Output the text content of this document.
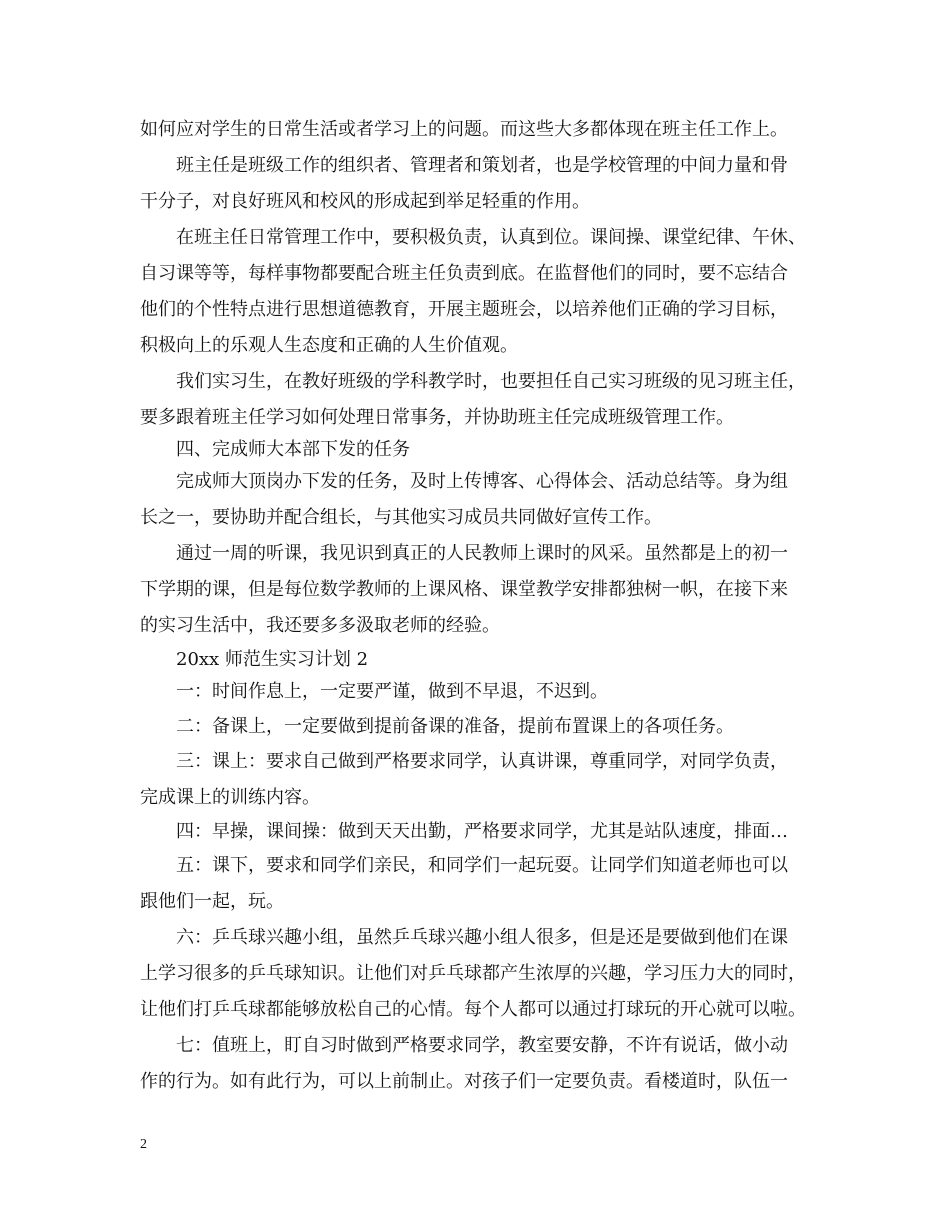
如何应对学生的日常生活或者学习上的问题。而这些大多都体现在班主任工作上。
班主任是班级工作的组织者、管理者和策划者，也是学校管理的中间力量和骨
干分子，对良好班风和校风的形成起到举足轻重的作用。
在班主任日常管理工作中，要积极负责，认真到位。课间操、课堂纪律、午休、
自习课等等，每样事物都要配合班主任负责到底。在监督他们的同时，要不忘结合
他们的个性特点进行思想道德教育，开展主题班会，以培养他们正确的学习目标，
积极向上的乐观人生态度和正确的人生价值观。
我们实习生，在教好班级的学科教学时，也要担任自己实习班级的见习班主任，
要多跟着班主任学习如何处理日常事务，并协助班主任完成班级管理工作。
四、完成师大本部下发的任务
完成师大顶岗办下发的任务，及时上传博客、心得体会、活动总结等。身为组
长之一，要协助并配合组长，与其他实习成员共同做好宣传工作。
通过一周的听课，我见识到真正的人民教师上课时的风采。虽然都是上的初一
下学期的课，但是每位数学教师的上课风格、课堂教学安排都独树一帜，在接下来
的实习生活中，我还要多多汲取老师的经验。
20xx 师范生实习计划 2
一：时间作息上，一定要严谨，做到不早退，不迟到。
二：备课上，一定要做到提前备课的准备，提前布置课上的各项任务。
三：课上：要求自己做到严格要求同学，认真讲课，尊重同学，对同学负责，
完成课上的训练内容。
四：早操，课间操：做到天天出勤，严格要求同学，尤其是站队速度，排面…
五：课下，要求和同学们亲民，和同学们一起玩耍。让同学们知道老师也可以
跟他们一起，玩。
六：乒乓球兴趣小组，虽然乒乓球兴趣小组人很多，但是还是要做到他们在课
上学习很多的乒乓球知识。让他们对乒乓球都产生浓厚的兴趣，学习压力大的同时，
让他们打乒乓球都能够放松自己的心情。每个人都可以通过打球玩的开心就可以啦。
七：值班上，盯自习时做到严格要求同学，教室要安静，不许有说话，做小动
作的行为。如有此行为，可以上前制止。对孩子们一定要负责。看楼道时，队伍一
2
